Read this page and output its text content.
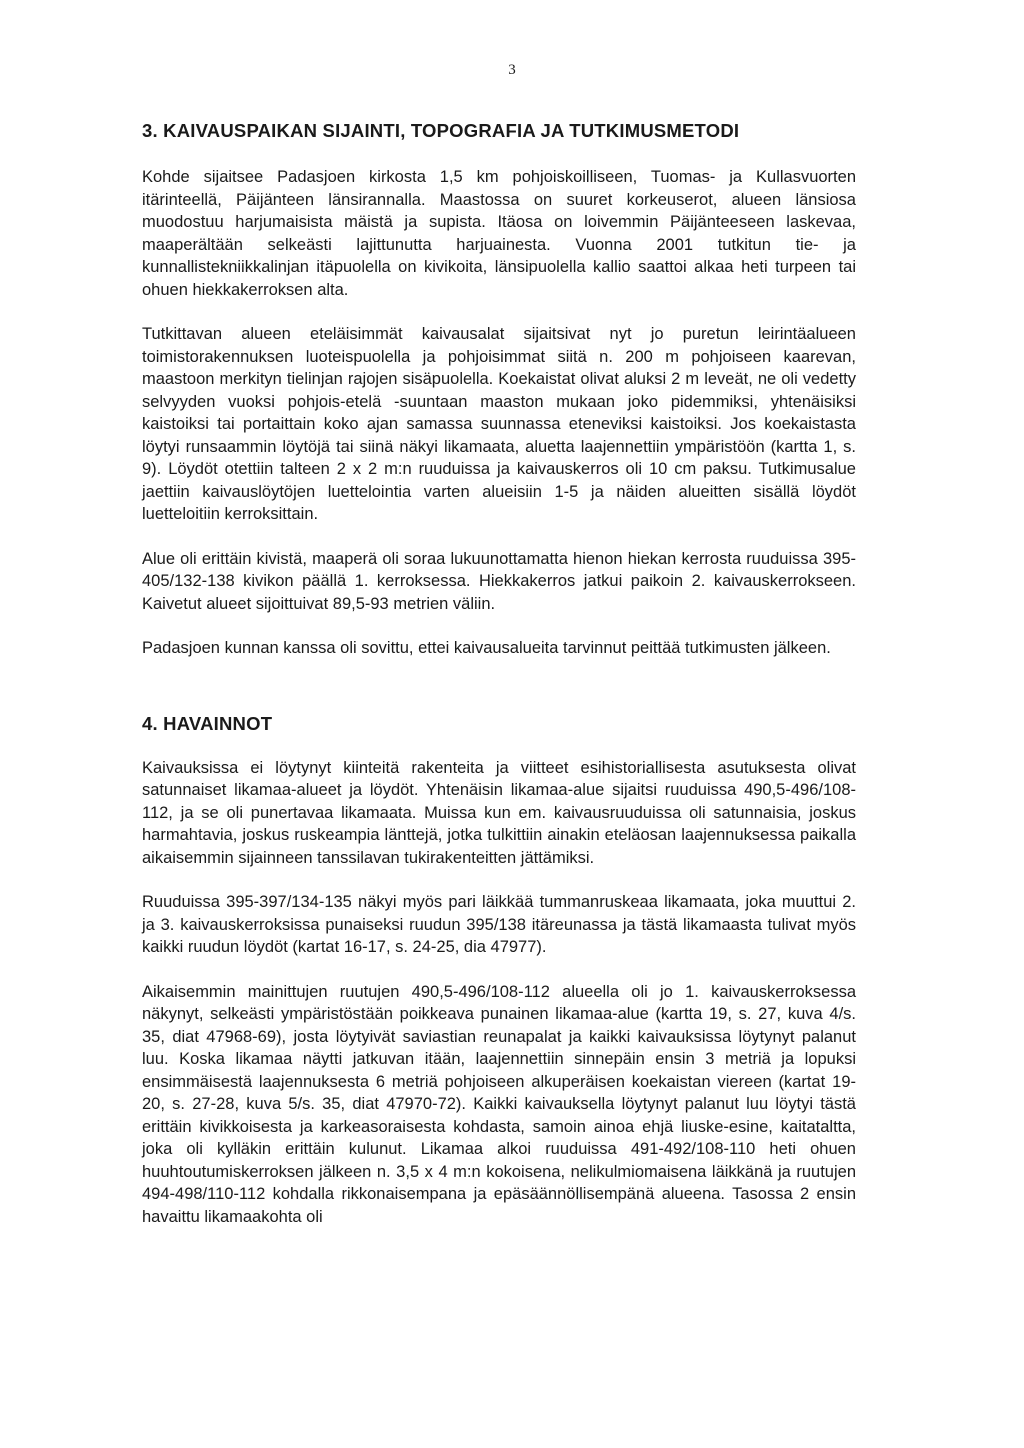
3
3. KAIVAUSPAIKAN SIJAINTI, TOPOGRAFIA JA TUTKIMUSMETODI

Kohde sijaitsee Padasjoen kirkosta 1,5 km pohjoiskoilliseen, Tuomas- ja Kullasvuorten itärinteellä, Päijänteen länsirannalla. Maastossa on suuret korkeuserot, alueen länsiosa muodostuu harjumaisista mäistä ja supista. Itäosa on loivemmin Päijänteeseen laskevaa, maaperältään selkeästi lajittunutta harjuainesta. Vuonna 2001 tutkitun tie- ja kunnallistekniikkalinjan itäpuolella on kivikoita, länsipuolella kallio saattoi alkaa heti turpeen tai ohuen hiekkakerroksen alta.

Tutkittavan alueen eteläisimmät kaivausalat sijaitsivat nyt jo puretun leirintäalueen toimistorakennuksen luoteispuolella ja pohjoisimmat siitä n. 200 m pohjoiseen kaarevan, maastoon merkityn tielinjan rajojen sisäpuolella. Koekaistat olivat aluksi 2 m leveät, ne oli vedetty selvyyden vuoksi pohjois-etelä -suuntaan maaston mukaan joko pidemmiksi, yhtenäisiksi kaistoiksi tai portaittain koko ajan samassa suunnassa eteneviksi kaistoiksi. Jos koekaistasta löytyi runsaammin löytöjä tai siinä näkyi likamaata, aluetta laajennettiin ympäristöön (kartta 1, s. 9). Löydöt otettiin talteen 2 x 2 m:n ruuduissa ja kaivauskerros oli 10 cm paksu. Tutkimusalue jaettiin kaivauslöytöjen luettelointia varten alueisiin 1-5 ja näiden alueitten sisällä löydöt luetteloitiin kerroksittain.

Alue oli erittäin kivistä, maaperä oli soraa lukuunottamatta hienon hiekan kerrosta ruuduissa 395-405/132-138 kivikon päällä 1. kerroksessa. Hiekkakerros jatkui paikoin 2. kaivauskerrokseen. Kaivetut alueet sijoittuivat 89,5-93 metrien väliin.

Padasjoen kunnan kanssa oli sovittu, ettei kaivausalueita tarvinnut peittää tutkimusten jälkeen.

4. HAVAINNOT

Kaivauksissa ei löytynyt kiinteitä rakenteita ja viitteet esihistoriallisesta asutuksesta olivat satunnaiset likamaa-alueet ja löydöt. Yhtenäisin likamaa-alue sijaitsi ruuduissa 490,5-496/108-112, ja se oli punertavaa likamaata. Muissa kun em. kaivausruuduissa oli satunnaisia, joskus harmahtavia, joskus ruskeampia länttejä, jotka tulkittiin ainakin eteläosan laajennuksessa paikalla aikaisemmin sijainneen tanssilavan tukirakenteitten jättämiksi.

Ruuduissa 395-397/134-135 näkyi myös pari läikkää tummanruskeaa likamaata, joka muuttui 2. ja 3. kaivauskerroksissa punaiseksi ruudun 395/138 itäreunassa ja tästä likamaasta tulivat myös kaikki ruudun löydöt (kartat 16-17, s. 24-25, dia 47977).

Aikaisemmin mainittujen ruutujen 490,5-496/108-112 alueella oli jo 1. kaivauskerroksessa näkynyt, selkeästi ympäristöstään poikkeava punainen likamaa-alue (kartta 19, s. 27, kuva 4/s. 35, diat 47968-69), josta löytyivät saviastian reunapalat ja kaikki kaivauksissa löytynyt palanut luu. Koska likamaa näytti jatkuvan itään, laajennettiin sinnepäin ensin 3 metriä ja lopuksi ensimmäisestä laajennuksesta 6 metriä pohjoiseen alkuperäisen koekaistan viereen (kartat 19-20, s. 27-28, kuva 5/s. 35, diat 47970-72). Kaikki kaivauksella löytynyt palanut luu löytyi tästä erittäin kivikkoisesta ja karkeasoraisesta kohdasta, samoin ainoa ehjä liuske-esine, kaitataltta, joka oli kylläkin erittäin kulunut. Likamaa alkoi ruuduissa 491-492/108-110 heti ohuen huuhtoutumiskerroksen jälkeen n. 3,5 x 4 m:n kokoisena, nelikulmiomaisena läikkänä ja ruutujen 494-498/110-112 kohdalla rikkonaisempana ja epäsäännöllisempänä alueena. Tasossa 2 ensin havaittu likamaakohta oli
